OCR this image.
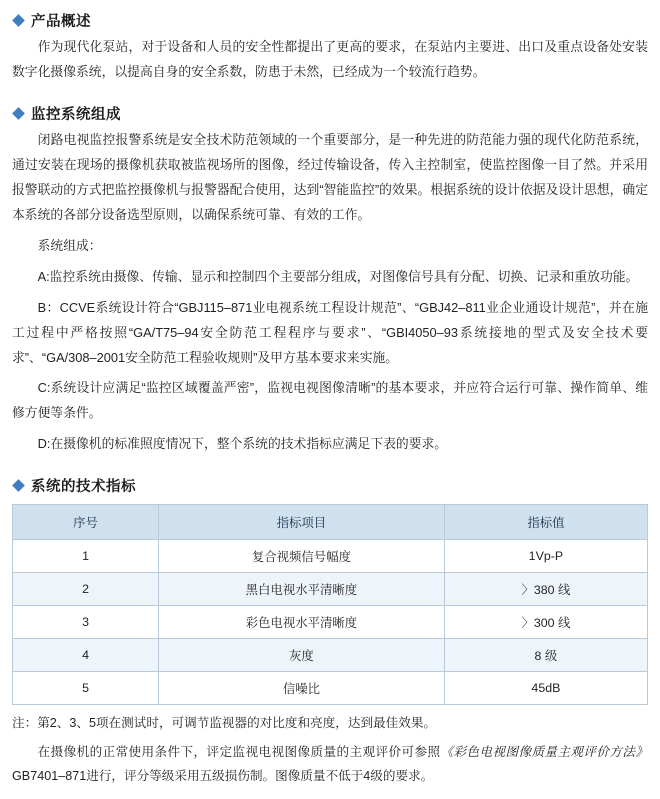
产品概述

作为现代化泵站，对于设备和人员的安全性都提出了更高的要求，在泵站内主要进、出口及重点设备处安装数字化摄像系统，以提高自身的安全系数，防患于未然，已经成为一个较流行趋势。

监控系统组成

闭路电视监控报警系统是安全技术防范领域的一个重要部分，是一种先进的防范能力强的现代化防范系统，通过安装在现场的摄像机获取被监视场所的图像，经过传输设备，传入主控制室，使监控图像一目了然。并采用报警联动的方式把监控摄像机与报警器配合使用，达到“智能监控”的效果。根据系统的设计依据及设计思想，确定本系统的各部分设备选型原则，以确保系统可靠、有效的工作。

系统组成：

A:监控系统由摄像、传输、显示和控制四个主要部分组成，对图像信号具有分配、切换、记录和重放功能。

B：CCVE系统设计符合“GBJ115–871业电视系统工程设计规范”、“GBJ42–811业企业通设计规范”，并在施工过程中严格按照“GA/T75–94安全防范工程程序与要求”、“GBI4050–93系统接地的型式及安全技术要求”、“GA/308–2001安全防范工程验收规则”及甲方基本要求来实施。

C:系统设计应满足“监控区域覆盖严密”，监视电视图像清晰”的基本要求，并应符合运行可靠、操作简单、维修方便等条件。

D:在摄像机的标准照度情况下，整个系统的技术指标应满足下表的要求。

系统的技术指标
序号	指标项目	指标值
1	复合视频信号幅度	1Vp-P
2	黑白电视水平清晰度	〉380 线
3	彩色电视水平清晰度	〉300 线
4	灰度	8 级
5	信噪比	45dB

注：第2、3、5项在测试时，可调节监视器的对比度和亮度，达到最佳效果。

在摄像机的正常使用条件下，评定监视电视图像质量的主观评价可参照《彩色电视图像质量主观评价方法》GB7401–871进行，评分等级采用五级损伤制。图像质量不低于4级的要求。
